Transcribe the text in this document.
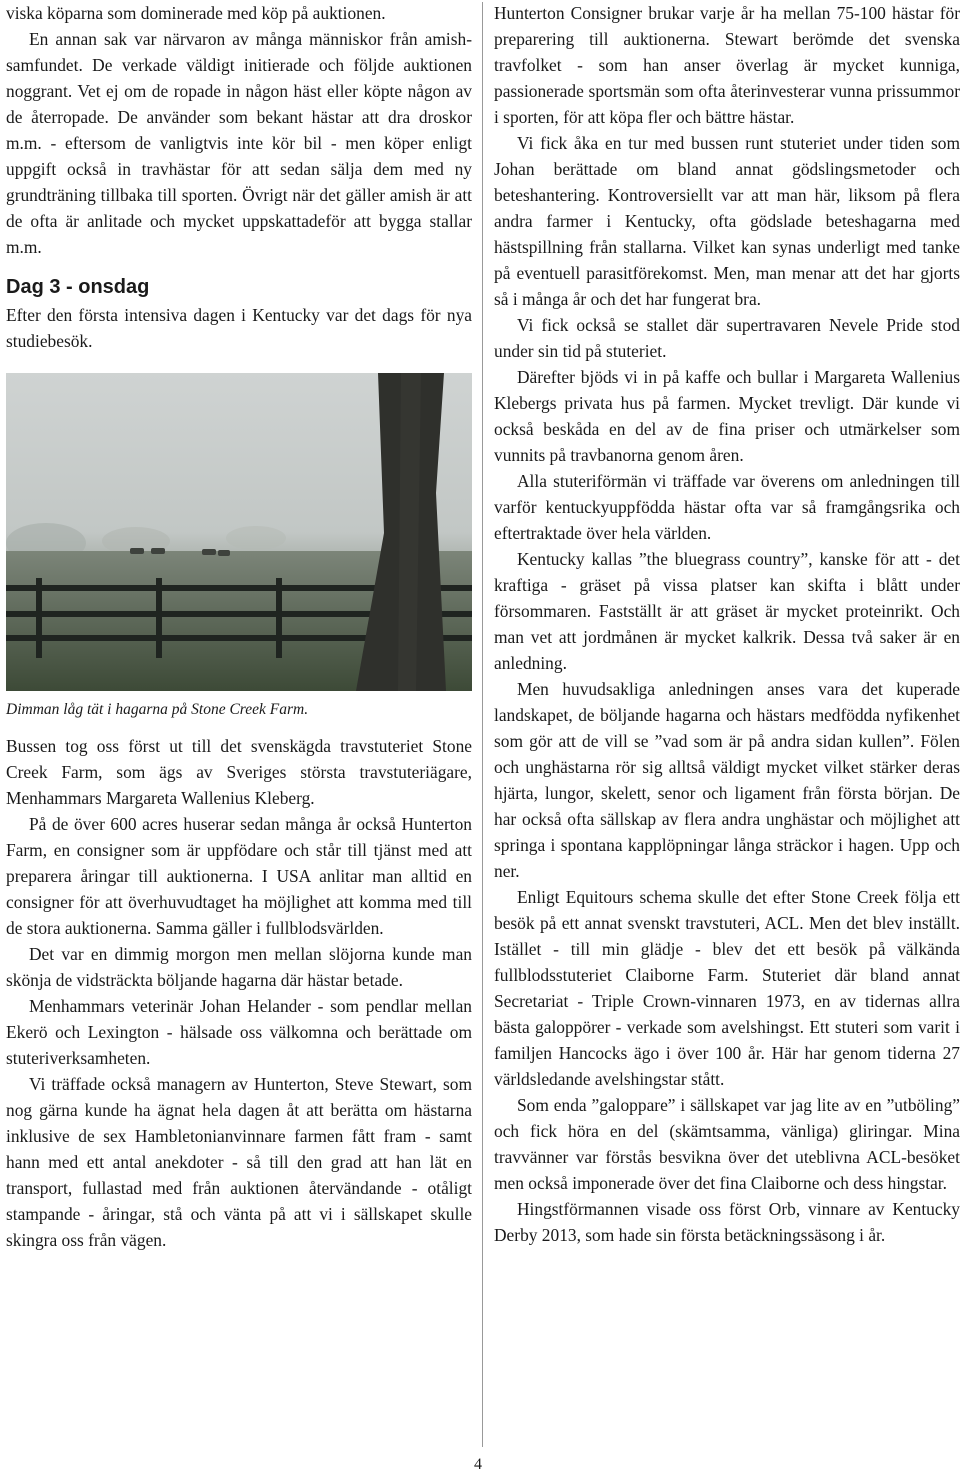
viska köparna som dominerade med köp på auktionen.

En annan sak var närvaron av många människor från amish-samfundet. De verkade väldigt initierade och följde auktionen noggrant. Vet ej om de ropade in någon häst eller köpte någon av de återropade. De använder som bekant hästar att dra droskor m.m. - eftersom de vanligtvis inte kör bil - men köper enligt uppgift också in travhästar för att sedan sälja dem med ny grundträning tillbaka till sporten. Övrigt när det gäller amish är att de ofta är anlitade och mycket uppskattadeför att bygga stallar m.m.

Dag 3 - onsdag

Efter den första intensiva dagen i Kentucky var det dags för nya studiebesök.

Dimman låg tät i hagarna på Stone Creek Farm.

Bussen tog oss först ut till det svenskägda travstuteriet Stone Creek Farm, som ägs av Sveriges största travstuteriägare, Menhammars Margareta Wallenius Kleberg.

På de över 600 acres huserar sedan många år också Hunterton Farm, en consigner som är uppfödare och står till tjänst med att preparera åringar till auktionerna. I USA anlitar man alltid en consigner för att överhuvudtaget ha möjlighet att komma med till de stora auktionerna. Samma gäller i fullblodsvärlden.

Det var en dimmig morgon men mellan slöjorna kunde man skönja de vidsträckta böljande hagarna där hästar betade.

Menhammars veterinär Johan Helander - som pendlar mellan Ekerö och Lexington - hälsade oss välkomna och berättade om stuteriverksamheten.

Vi träffade också managern av Hunterton, Steve Stewart, som nog gärna kunde ha ägnat hela dagen åt att berätta om hästarna inklusive de sex Hambletonianvinnare farmen fått fram - samt hann med ett antal anekdoter - så till den grad att han lät en transport, fullastad med från auktionen återvändande - otåligt stampande - åringar, stå och vänta på att vi i sällskapet skulle skingra oss från vägen.

Hunterton Consigner brukar varje år ha mellan 75-100 hästar för preparering till auktionerna. Stewart berömde det svenska travfolket - som han anser överlag är mycket kunniga, passionerade sportsmän som ofta återinvesterar vunna prissummor i sporten, för att köpa fler och bättre hästar.

Vi fick åka en tur med bussen runt stuteriet under tiden som Johan berättade om bland annat gödslingsmetoder och beteshantering. Kontroversiellt var att man här, liksom på flera andra farmer i Kentucky, ofta gödslade beteshagarna med hästspillning från stallarna. Vilket kan synas underligt med tanke på eventuell parasitförekomst. Men, man menar att det har gjorts så i många år och det har fungerat bra.

Vi fick också se stallet där supertravaren Nevele Pride stod under sin tid på stuteriet.

Därefter bjöds vi in på kaffe och bullar i Margareta Wallenius Klebergs privata hus på farmen. Mycket trevligt. Där kunde vi också beskåda en del av de fina priser och utmärkelser som vunnits på travbanorna genom åren.

Alla stuteriförmän vi träffade var överens om anledningen till varför kentuckyuppfödda hästar ofta var så framgångsrika och eftertraktade över hela världen.

Kentucky kallas ”the bluegrass country”, kanske för att - det kraftiga - gräset på vissa platser kan skifta i blått under försommaren. Fastställt är att gräset är mycket proteinrikt. Och man vet att jordmånen är mycket kalkrik. Dessa två saker är en anledning.

Men huvudsakliga anledningen anses vara det kuperade landskapet, de böljande hagarna och hästars medfödda nyfikenhet som gör att de vill se ”vad som är på andra sidan kullen”. Fölen och unghästarna rör sig alltså väldigt mycket vilket stärker deras hjärta, lungor, skelett, senor och ligament från första början. De har också ofta sällskap av flera andra unghästar och möjlighet att springa i spontana kapplöpningar långa sträckor i hagen. Upp och ner.

Enligt Equitours schema skulle det efter Stone Creek följa ett besök på ett annat svenskt travstuteri, ACL. Men det blev inställt. Istället - till min glädje - blev det ett besök på välkända fullblodsstuteriet Claiborne Farm. Stuteriet där bland annat Secretariat - Triple Crown-vinnaren 1973, en av tidernas allra bästa galoppörer - verkade som avelshingst. Ett stuteri som varit i familjen Hancocks ägo i över 100 år. Här har genom tiderna 27 världsledande avelshingstar stått.

Som enda ”galoppare” i sällskapet var jag lite av en ”utböling” och fick höra en del (skämtsamma, vänliga) gliringar. Mina travvänner var förstås besvikna över det uteblivna ACL-besöket men också imponerade över det fina Claiborne och dess hingstar.

Hingstförmannen visade oss först Orb, vinnare av Kentucky Derby 2013, som hade sin första betäckningssäsong i år.

4
